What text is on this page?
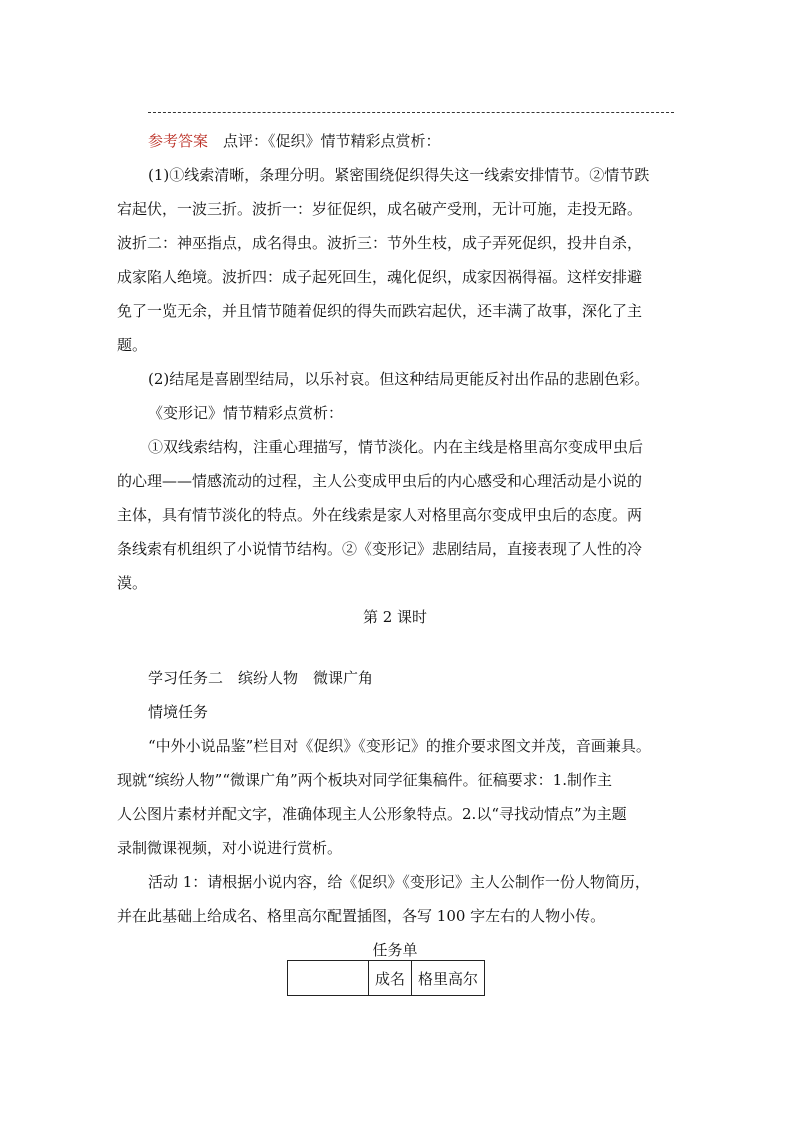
参考答案　 点评：《促织》情节精彩点赏析：
(1)①线索清晰，条理分明。紧密围绕促织得失这一线索安排情节。②情节跌
宕起伏，一波三折。波折一：岁征促织，成名破产受刑，无计可施，走投无路。
波折二：神巫指点，成名得虫。波折三：节外生枝，成子弄死促织，投井自杀，
成家陷人绝境。波折四：成子起死回生，魂化促织，成家因祸得福。这样安排避
免了一览无余，并且情节随着促织的得失而跌宕起伏，还丰满了故事，深化了主
题。
(2)结尾是喜剧型结局，以乐衬哀。但这种结局更能反衬出作品的悲剧色彩。
《变形记》情节精彩点赏析：
①双线索结构，注重心理描写，情节淡化。内在主线是格里高尔变成甲虫后
的心理——情感流动的过程，主人公变成甲虫后的内心感受和心理活动是小说的
主体，具有情节淡化的特点。外在线索是家人对格里高尔变成甲虫后的态度。两
条线索有机组织了小说情节结构。②《变形记》悲剧结局，直接表现了人性的冷
漠。
第 2 课时
学习任务二　缤纷人物　微课广角
情境任务
“中外小说品鉴”栏目对《促织》《变形记》的推介要求图文并茂，音画兼具。
现就“缤纷人物”“微课广角”两个板块对同学征集稿件。征稿要求：1.制作主
人公图片素材并配文字，准确体现主人公形象特点。2.以“寻找动情点”为主题
录制微课视频，对小说进行赏析。
活动 1：请根据小说内容，给《促织》《变形记》主人公制作一份人物简历，
并在此基础上给成名、格里高尔配置插图，各写 100 字左右的人物小传。
任务单
	成名	格里高尔
